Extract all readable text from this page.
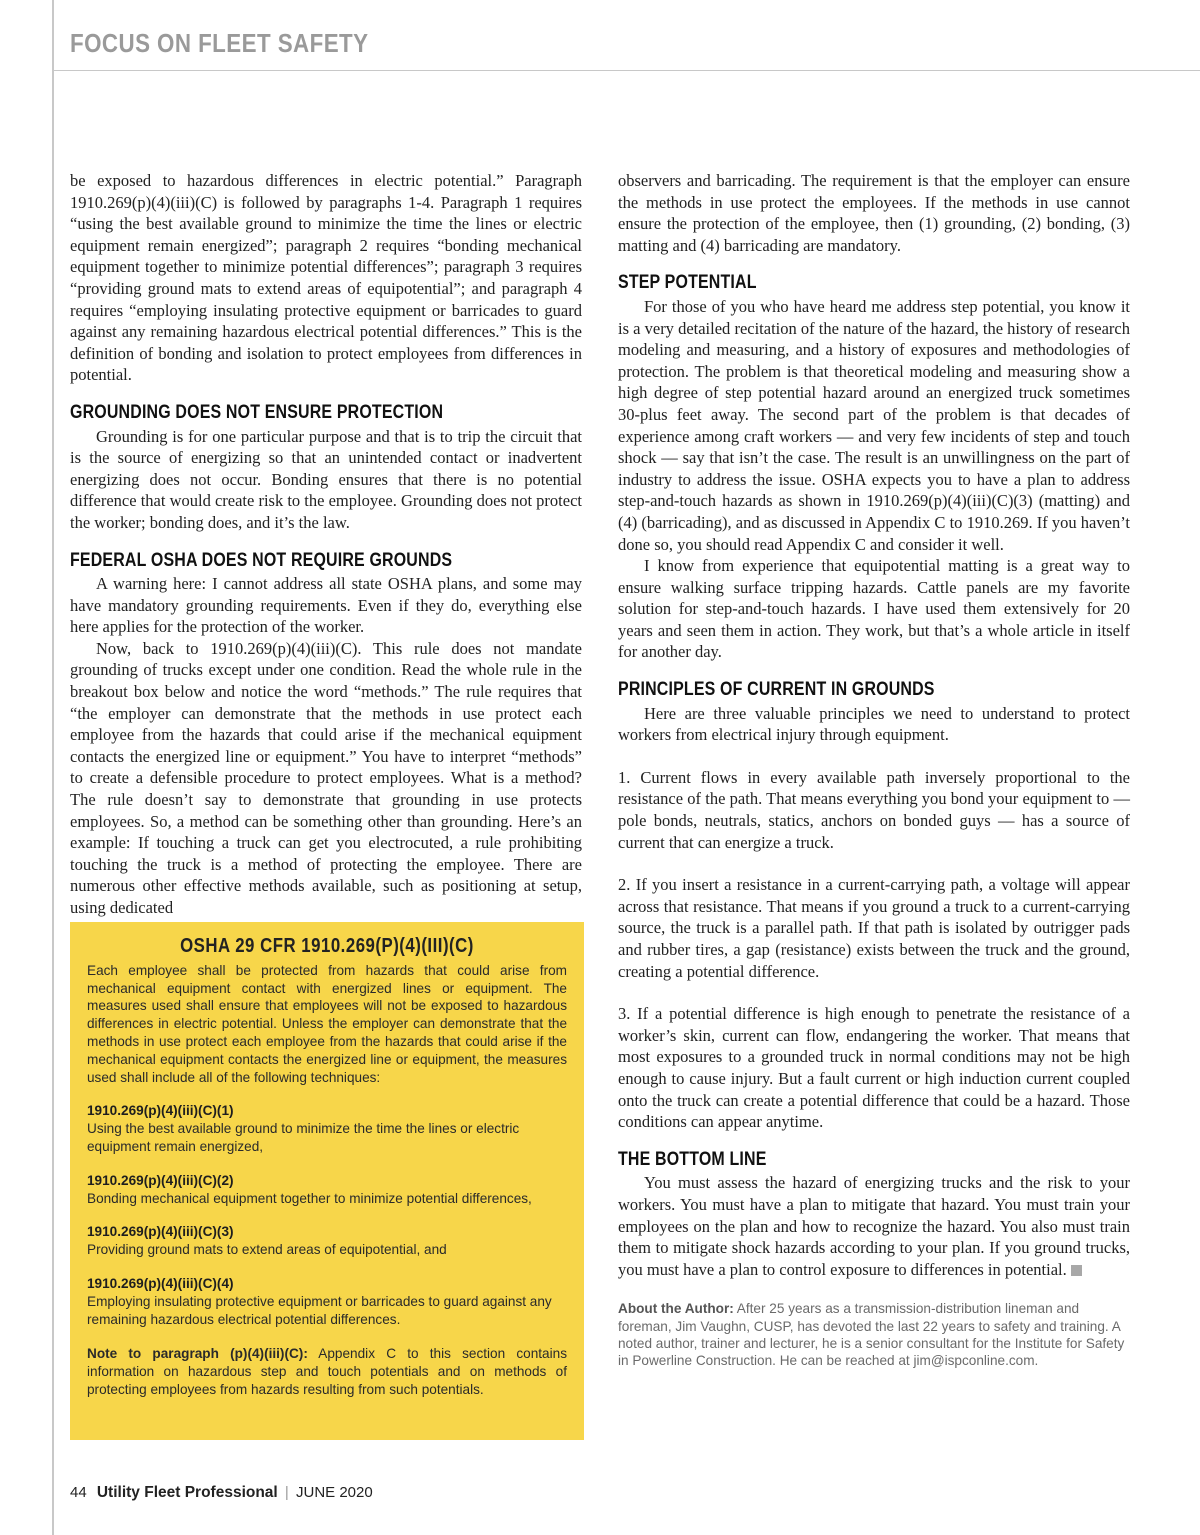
FOCUS ON FLEET SAFETY

be exposed to hazardous differences in electric potential.” Paragraph 1910.269(p)(4)(iii)(C) is followed by paragraphs 1-4. Paragraph 1 requires “using the best available ground to minimize the time the lines or electric equipment remain energized”; paragraph 2 requires “bonding mechanical equipment together to minimize potential differences”; paragraph 3 requires “providing ground mats to extend areas of equipotential”; and paragraph 4 requires “employing insulating protective equipment or barricades to guard against any remaining hazardous electrical potential differences.” This is the definition of bonding and isolation to protect employees from differences in potential.

GROUNDING DOES NOT ENSURE PROTECTION

Grounding is for one particular purpose and that is to trip the circuit that is the source of energizing so that an unintended contact or inadvertent energizing does not occur. Bonding ensures that there is no potential difference that would create risk to the employee. Grounding does not protect the worker; bonding does, and it’s the law.

FEDERAL OSHA DOES NOT REQUIRE GROUNDS

A warning here: I cannot address all state OSHA plans, and some may have mandatory grounding requirements. Even if they do, everything else here applies for the protection of the worker.

Now, back to 1910.269(p)(4)(iii)(C). This rule does not mandate grounding of trucks except under one condition. Read the whole rule in the breakout box below and notice the word “methods.” The rule requires that “the employer can demonstrate that the methods in use protect each employee from the hazards that could arise if the mechanical equipment contacts the energized line or equipment.” You have to interpret “methods” to create a defensible procedure to protect employees. What is a method? The rule doesn’t say to demonstrate that grounding in use protects employees. So, a method can be something other than grounding. Here’s an example: If touching a truck can get you electrocuted, a rule prohibiting touching the truck is a method of protecting the employee. There are numerous other effective methods available, such as positioning at setup, using dedicated

OSHA 29 CFR 1910.269(P)(4)(III)(C)

Each employee shall be protected from hazards that could arise from mechanical equipment contact with energized lines or equipment. The measures used shall ensure that employees will not be exposed to hazardous differences in electric potential. Unless the employer can demonstrate that the methods in use protect each employee from the hazards that could arise if the mechanical equipment contacts the energized line or equipment, the measures used shall include all of the following techniques:

1910.269(p)(4)(iii)(C)(1)
Using the best available ground to minimize the time the lines or electric equipment remain energized,

1910.269(p)(4)(iii)(C)(2)
Bonding mechanical equipment together to minimize potential differences,

1910.269(p)(4)(iii)(C)(3)
Providing ground mats to extend areas of equipotential, and

1910.269(p)(4)(iii)(C)(4)
Employing insulating protective equipment or barricades to guard against any remaining hazardous electrical potential differences.

Note to paragraph (p)(4)(iii)(C): Appendix C to this section contains information on hazardous step and touch potentials and on methods of protecting employees from hazards resulting from such potentials.

observers and barricading. The requirement is that the employer can ensure the methods in use protect the employees. If the methods in use cannot ensure the protection of the employee, then (1) grounding, (2) bonding, (3) matting and (4) barricading are mandatory.

STEP POTENTIAL

For those of you who have heard me address step potential, you know it is a very detailed recitation of the nature of the hazard, the history of research modeling and measuring, and a history of exposures and methodologies of protection. The problem is that theoretical modeling and measuring show a high degree of step potential hazard around an energized truck sometimes 30-plus feet away. The second part of the problem is that decades of experience among craft workers — and very few incidents of step and touch shock — say that isn’t the case. The result is an unwillingness on the part of industry to address the issue. OSHA expects you to have a plan to address step-and-touch hazards as shown in 1910.269(p)(4)(iii)(C)(3) (matting) and (4) (barricading), and as discussed in Appendix C to 1910.269. If you haven’t done so, you should read Appendix C and consider it well.

I know from experience that equipotential matting is a great way to ensure walking surface tripping hazards. Cattle panels are my favorite solution for step-and-touch hazards. I have used them extensively for 20 years and seen them in action. They work, but that’s a whole article in itself for another day.

PRINCIPLES OF CURRENT IN GROUNDS

Here are three valuable principles we need to understand to protect workers from electrical injury through equipment.

1. Current flows in every available path inversely proportional to the resistance of the path. That means everything you bond your equipment to — pole bonds, neutrals, statics, anchors on bonded guys — has a source of current that can energize a truck.

2. If you insert a resistance in a current-carrying path, a voltage will appear across that resistance. That means if you ground a truck to a current-carrying source, the truck is a parallel path. If that path is isolated by outrigger pads and rubber tires, a gap (resistance) exists between the truck and the ground, creating a potential difference.

3. If a potential difference is high enough to penetrate the resistance of a worker’s skin, current can flow, endangering the worker. That means that most exposures to a grounded truck in normal conditions may not be high enough to cause injury. But a fault current or high induction current coupled onto the truck can create a potential difference that could be a hazard. Those conditions can appear anytime.

THE BOTTOM LINE

You must assess the hazard of energizing trucks and the risk to your workers. You must have a plan to mitigate that hazard. You must train your employees on the plan and how to recognize the hazard. You also must train them to mitigate shock hazards according to your plan. If you ground trucks, you must have a plan to control exposure to differences in potential.

About the Author: After 25 years as a transmission-distribution lineman and foreman, Jim Vaughn, CUSP, has devoted the last 22 years to safety and training. A noted author, trainer and lecturer, he is a senior consultant for the Institute for Safety in Powerline Construction. He can be reached at jim@ispconline.com.

44 Utility Fleet Professional | JUNE 2020
